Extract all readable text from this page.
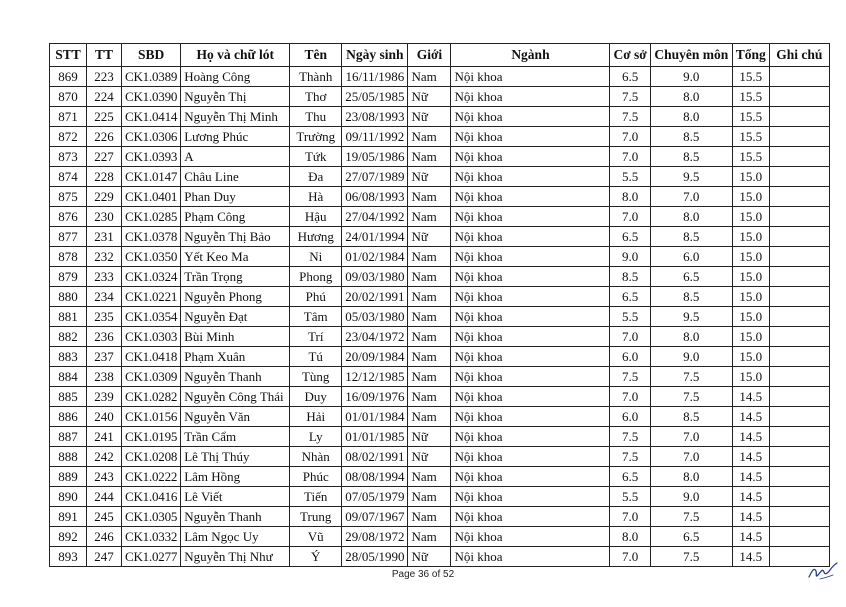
STT	TT	SBD	Họ và chữ lót	Tên	Ngày sinh	Giới	Ngành	Cơ sở	Chuyên môn	Tổng	Ghi chú
869	223	CK1.0389	Hoàng Công	Thành	16/11/1986	Nam	Nội khoa	6.5	9.0	15.5	
870	224	CK1.0390	Nguyễn Thị	Thơ	25/05/1985	Nữ	Nội khoa	7.5	8.0	15.5	
871	225	CK1.0414	Nguyễn Thị Minh	Thu	23/08/1993	Nữ	Nội khoa	7.5	8.0	15.5	
872	226	CK1.0306	Lương Phúc	Trường	09/11/1992	Nam	Nội khoa	7.0	8.5	15.5	
873	227	CK1.0393	A	Tứk	19/05/1986	Nam	Nội khoa	7.0	8.5	15.5	
874	228	CK1.0147	Châu Line	Đa	27/07/1989	Nữ	Nội khoa	5.5	9.5	15.0	
875	229	CK1.0401	Phan Duy	Hà	06/08/1993	Nam	Nội khoa	8.0	7.0	15.0	
876	230	CK1.0285	Phạm Công	Hậu	27/04/1992	Nam	Nội khoa	7.0	8.0	15.0	
877	231	CK1.0378	Nguyễn Thị Bảo	Hương	24/01/1994	Nữ	Nội khoa	6.5	8.5	15.0	
878	232	CK1.0350	Yết Keo Ma	Ni	01/02/1984	Nam	Nội khoa	9.0	6.0	15.0	
879	233	CK1.0324	Trần Trọng	Phong	09/03/1980	Nam	Nội khoa	8.5	6.5	15.0	
880	234	CK1.0221	Nguyễn Phong	Phú	20/02/1991	Nam	Nội khoa	6.5	8.5	15.0	
881	235	CK1.0354	Nguyễn Đạt	Tâm	05/03/1980	Nam	Nội khoa	5.5	9.5	15.0	
882	236	CK1.0303	Bùi Minh	Trí	23/04/1972	Nam	Nội khoa	7.0	8.0	15.0	
883	237	CK1.0418	Phạm Xuân	Tú	20/09/1984	Nam	Nội khoa	6.0	9.0	15.0	
884	238	CK1.0309	Nguyễn Thanh	Tùng	12/12/1985	Nam	Nội khoa	7.5	7.5	15.0	
885	239	CK1.0282	Nguyễn Công Thái	Duy	16/09/1976	Nam	Nội khoa	7.0	7.5	14.5	
886	240	CK1.0156	Nguyễn Văn	Hải	01/01/1984	Nam	Nội khoa	6.0	8.5	14.5	
887	241	CK1.0195	Trần Cẩm	Ly	01/01/1985	Nữ	Nội khoa	7.5	7.0	14.5	
888	242	CK1.0208	Lê Thị Thúy	Nhàn	08/02/1991	Nữ	Nội khoa	7.5	7.0	14.5	
889	243	CK1.0222	Lâm Hồng	Phúc	08/08/1994	Nam	Nội khoa	6.5	8.0	14.5	
890	244	CK1.0416	Lê Viết	Tiến	07/05/1979	Nam	Nội khoa	5.5	9.0	14.5	
891	245	CK1.0305	Nguyễn Thanh	Trung	09/07/1967	Nam	Nội khoa	7.0	7.5	14.5	
892	246	CK1.0332	Lâm Ngọc Uy	Vũ	29/08/1972	Nam	Nội khoa	8.0	6.5	14.5	
893	247	CK1.0277	Nguyễn Thị Như	Ý	28/05/1990	Nữ	Nội khoa	7.0	7.5	14.5	
Page 36 of 52
